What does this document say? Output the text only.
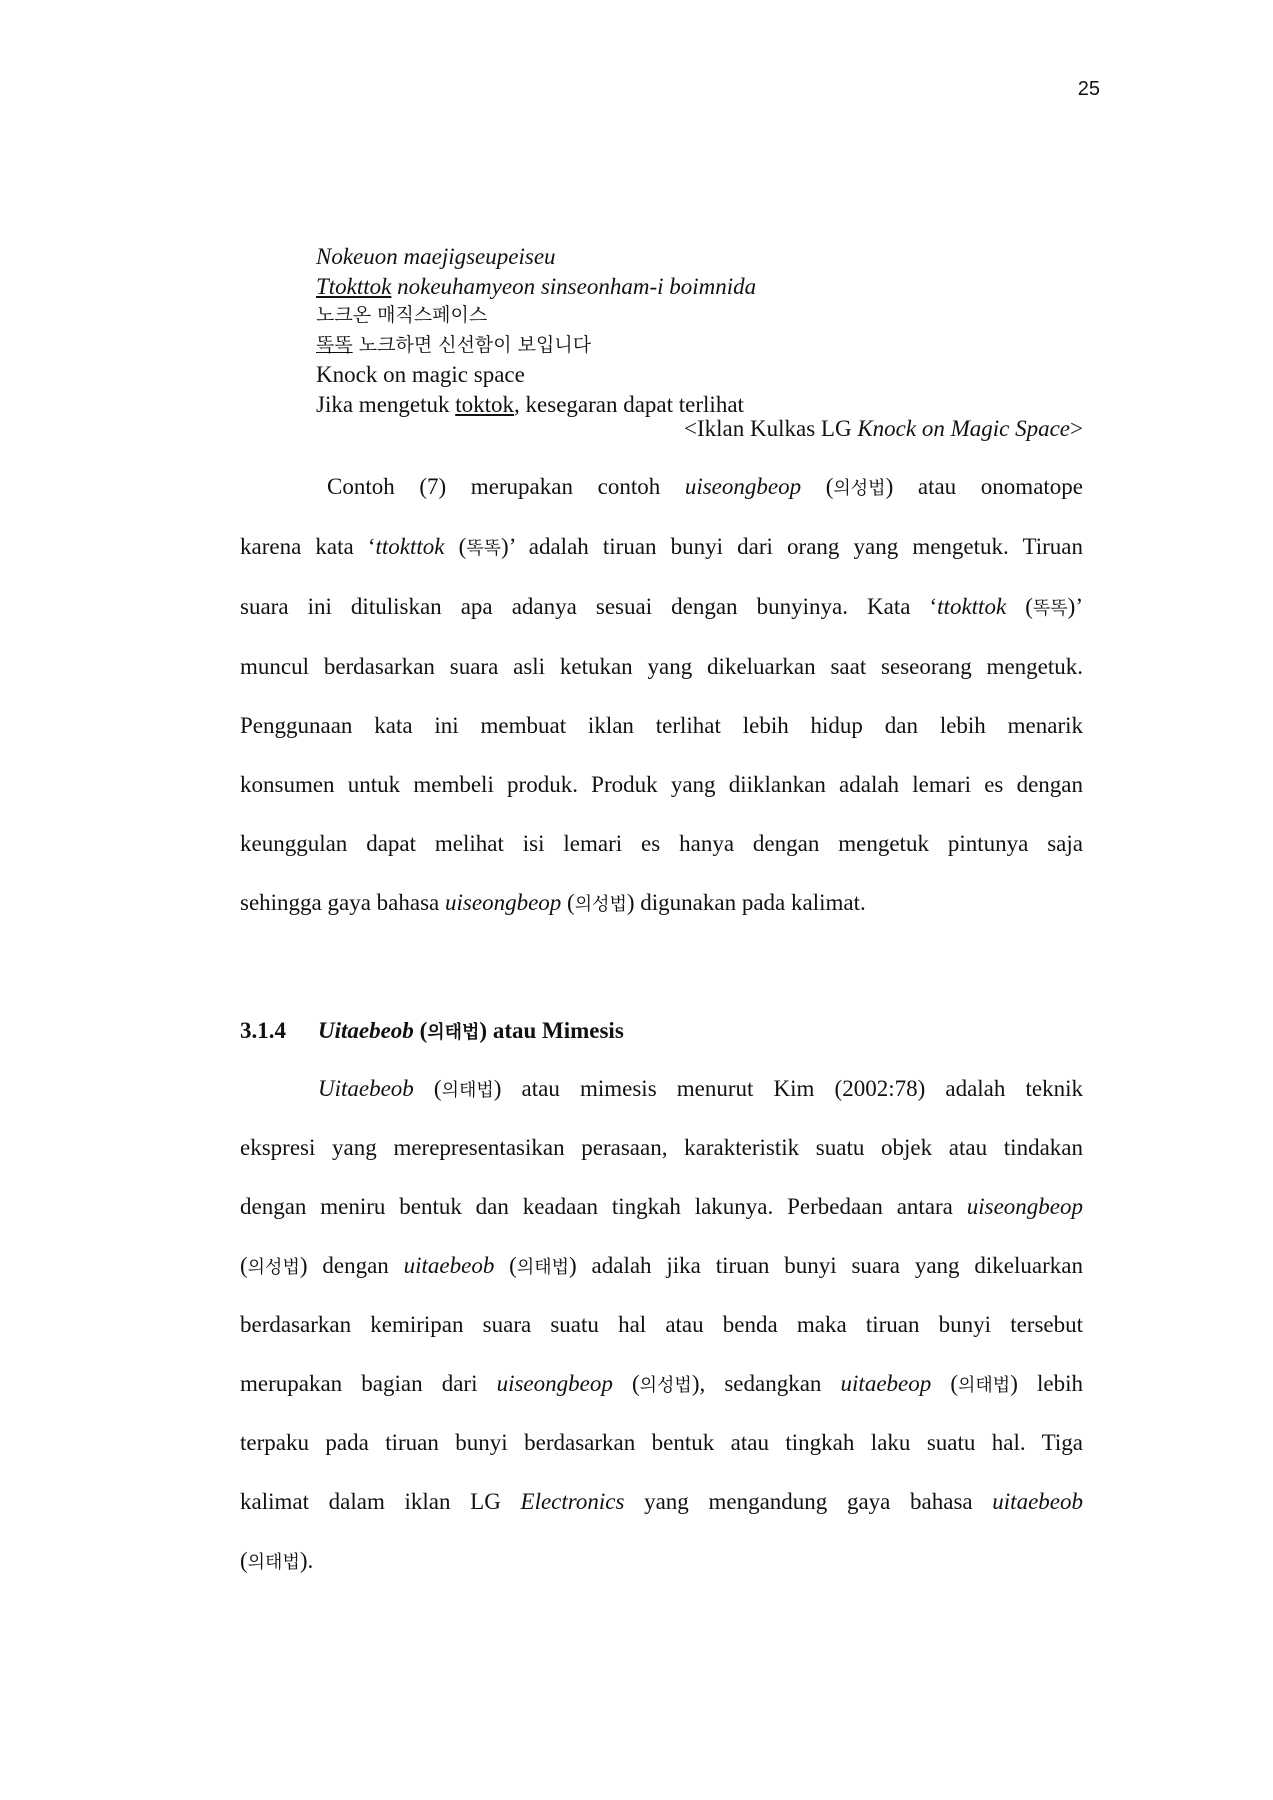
25
Nokeuon maejigseupeiseu
Ttokttok nokeuhamyeon sinseonham-i boimnida
노크온 매직스페이스
똑똑 노크하면 신선함이 보입니다
Knock on magic space
Jika mengetuk toktok, kesegaran dapat terlihat
<Iklan Kulkas LG Knock on Magic Space>
Contoh (7) merupakan contoh uiseongbeop (의성법) atau onomatope
karena kata ‘ttokttok (똑똑)’ adalah tiruan bunyi dari orang yang mengetuk. Tiruan
suara ini dituliskan apa adanya sesuai dengan bunyinya. Kata ‘ttokttok (똑똑)’
muncul berdasarkan suara asli ketukan yang dikeluarkan saat seseorang mengetuk.
Penggunaan kata ini membuat iklan terlihat lebih hidup dan lebih menarik
konsumen untuk membeli produk. Produk yang diiklankan adalah lemari es dengan
keunggulan dapat melihat isi lemari es hanya dengan mengetuk pintunya saja
sehingga gaya bahasa uiseongbeop (의성법) digunakan pada kalimat.
3.1.4 Uitaebeob (의태법) atau Mimesis
Uitaebeob (의태법) atau mimesis menurut Kim (2002:78) adalah teknik
ekspresi yang merepresentasikan perasaan, karakteristik suatu objek atau tindakan
dengan meniru bentuk dan keadaan tingkah lakunya. Perbedaan antara uiseongbeop
(의성법) dengan uitaebeob (의태법) adalah jika tiruan bunyi suara yang dikeluarkan
berdasarkan kemiripan suara suatu hal atau benda maka tiruan bunyi tersebut
merupakan bagian dari uiseongbeop (의성법), sedangkan uitaebeop (의태법) lebih
terpaku pada tiruan bunyi berdasarkan bentuk atau tingkah laku suatu hal. Tiga
kalimat dalam iklan LG Electronics yang mengandung gaya bahasa uitaebeob
(의태법).
